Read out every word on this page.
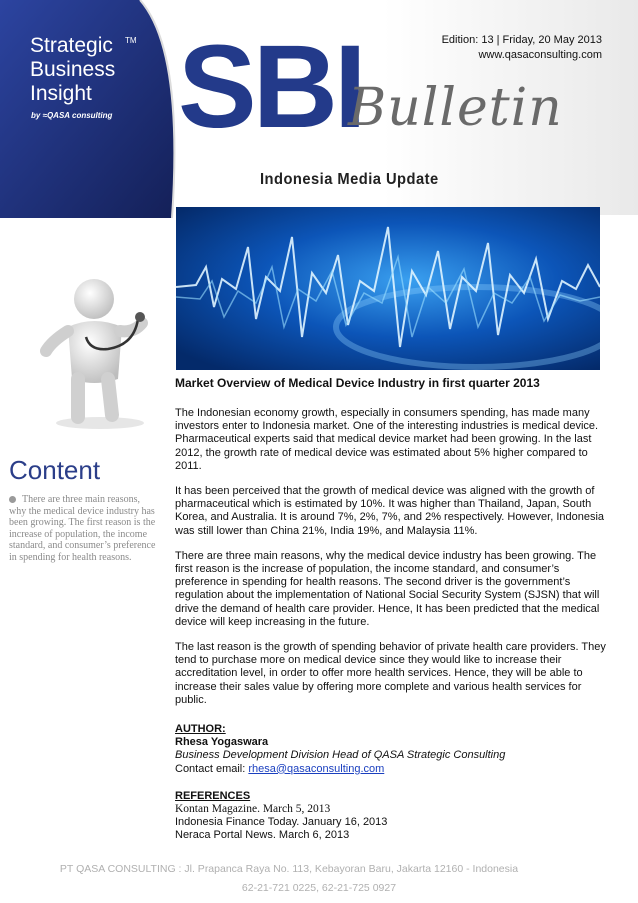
Strategic TM
Business
Insight
by ≈QASA consulting SBI
Bulletin
Indonesia Media Update
Edition: 13 | Friday, 20 May 2013
www.qasaconsulting.com
Content
There are three main reasons, why the medical device industry has been growing. The first reason is the increase of population, the income standard, and consumer’s preference in spending for health reasons.
Market Overview of Medical Device Industry in first quarter 2013

The Indonesian economy growth, especially in consumers spending, has made many investors enter to Indonesia market. One of the interesting industries is medical device. Pharmaceutical experts said that medical device market had been growing. In the last 2012, the growth rate of medical device was estimated about 5% higher compared to 2011.

It has been perceived that the growth of medical device was aligned with the growth of pharmaceutical which is estimated by 10%. It was higher than Thailand, Japan, South Korea, and Australia. It is around 7%, 2%, 7%, and 2% respectively. However, Indonesia was still lower than China 21%, India 19%, and Malaysia 11%.

There are three main reasons, why the medical device industry has been growing. The first reason is the increase of population, the income standard, and consumer’s preference in spending for health reasons. The second driver is the government’s regulation about the implementation of National Social Security System (SJSN) that will drive the demand of health care provider. Hence, It has been predicted that the medical device will keep increasing in the future.

The last reason is the growth of spending behavior of private health care providers. They tend to purchase more on medical device since they would like to increase their accreditation level, in order to offer more health services. Hence, they will be able to increase their sales value by offering more complete and various health services for public.

AUTHOR:
Rhesa Yogaswara
Business Development Division Head of QASA Strategic Consulting
Contact email: rhesa@qasaconsulting.com
REFERENCES
Kontan Magazine. March 5, 2013
Indonesia Finance Today. January 16, 2013
Neraca Portal News. March 6, 2013
PT QASA CONSULTING : Jl. Prapanca Raya No. 113, Kebayoran Baru, Jakarta 12160 - Indonesia
62-21-721 0225, 62-21-725 0927
